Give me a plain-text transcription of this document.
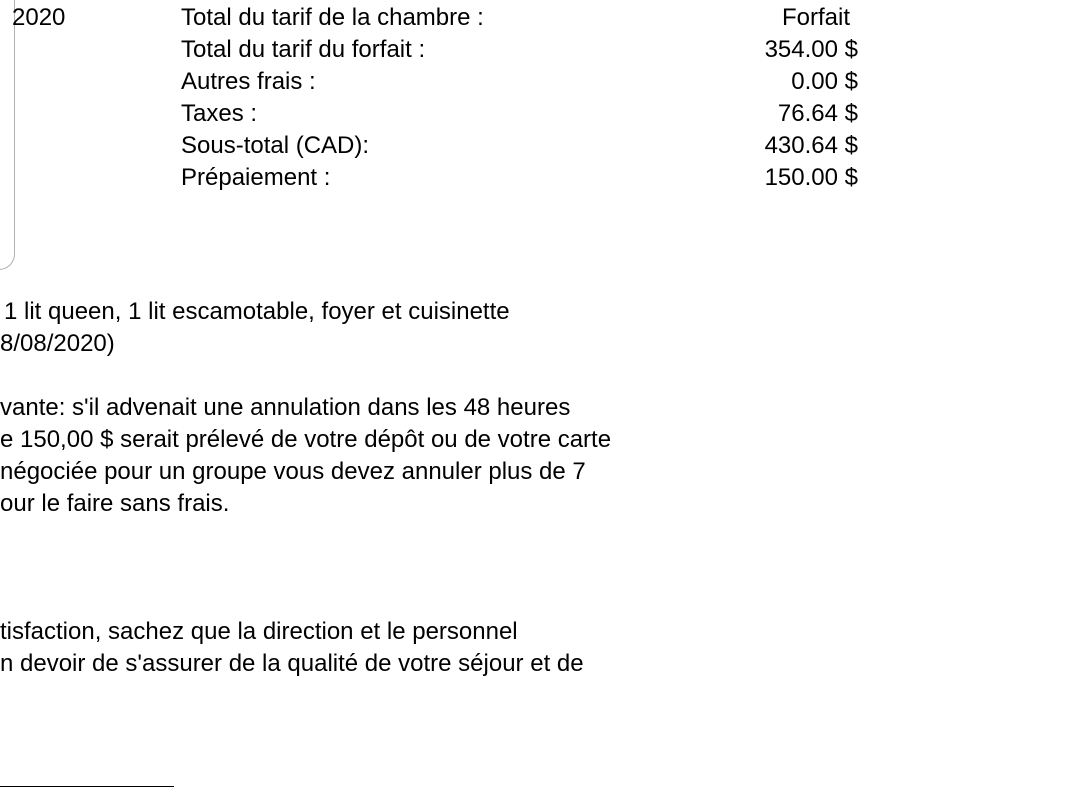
2020	Total du tarif de la chambre :
Total du tarif du forfait :
Autres frais :
Taxes :
Sous-total (CAD):
Prépaiement :
Forfait
354.00 $
0.00 $
76.64 $
430.64 $
150.00 $
1 lit queen, 1 lit escamotable, foyer et cuisinette
8/08/2020)
vante: s'il advenait une annulation dans les 48 heures
e 150,00 $ serait prélevé de votre dépôt ou de votre carte
négociée pour un groupe vous devez annuler plus de 7
our le faire sans frais.
tisfaction, sachez que la direction et le personnel
n devoir de s'assurer de la qualité de votre séjour et de
